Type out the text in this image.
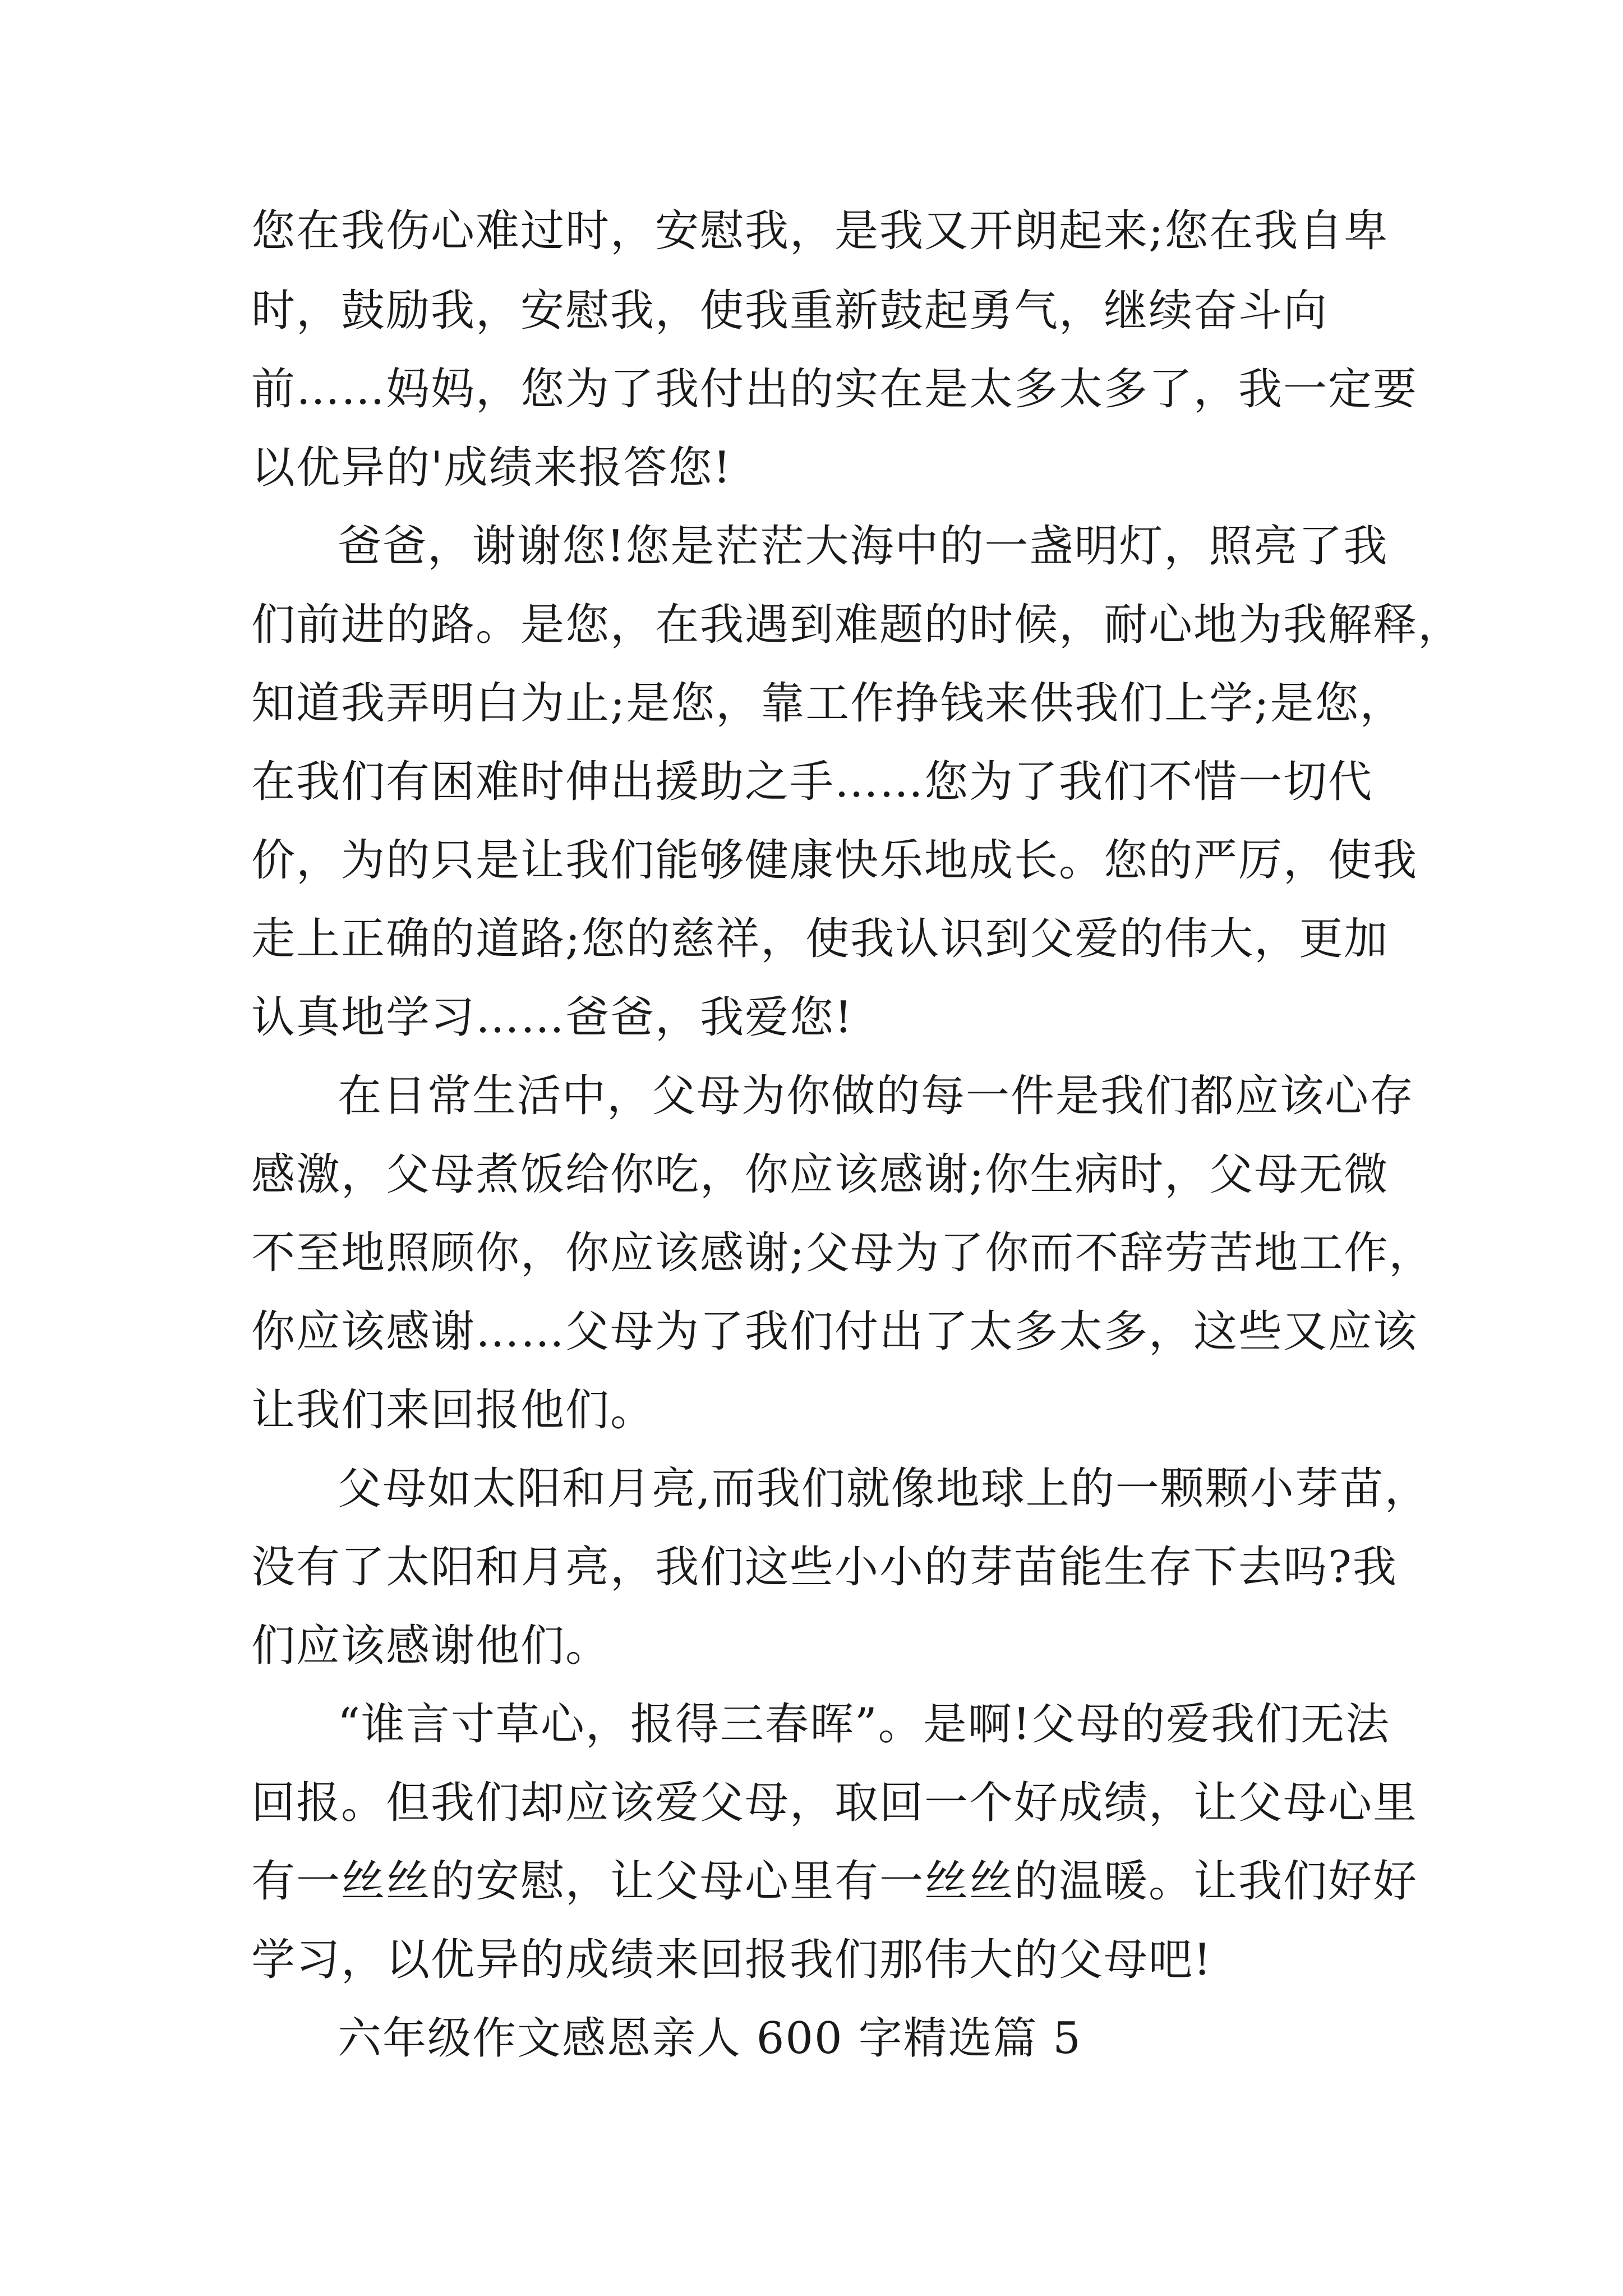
您在我伤心难过时，安慰我，是我又开朗起来;您在我自卑
时，鼓励我，安慰我，使我重新鼓起勇气，继续奋斗向
前……妈妈，您为了我付出的实在是太多太多了，我一定要
以优异的'成绩来报答您!
爸爸，谢谢您!您是茫茫大海中的一盏明灯，照亮了我
们前进的路。是您，在我遇到难题的时候，耐心地为我解释，
知道我弄明白为止;是您，靠工作挣钱来供我们上学;是您，
在我们有困难时伸出援助之手……您为了我们不惜一切代
价，为的只是让我们能够健康快乐地成长。您的严厉，使我
走上正确的道路;您的慈祥，使我认识到父爱的伟大，更加
认真地学习……爸爸，我爱您!
在日常生活中，父母为你做的每一件是我们都应该心存
感激，父母煮饭给你吃，你应该感谢;你生病时，父母无微
不至地照顾你，你应该感谢;父母为了你而不辞劳苦地工作，
你应该感谢……父母为了我们付出了太多太多，这些又应该
让我们来回报他们。
父母如太阳和月亮,而我们就像地球上的一颗颗小芽苗，
没有了太阳和月亮，我们这些小小的芽苗能生存下去吗?我
们应该感谢他们。
“谁言寸草心，报得三春晖”。是啊!父母的爱我们无法
回报。但我们却应该爱父母，取回一个好成绩，让父母心里
有一丝丝的安慰，让父母心里有一丝丝的温暖。让我们好好
学习，以优异的成绩来回报我们那伟大的父母吧!
六年级作文感恩亲人 600 字精选篇 5
